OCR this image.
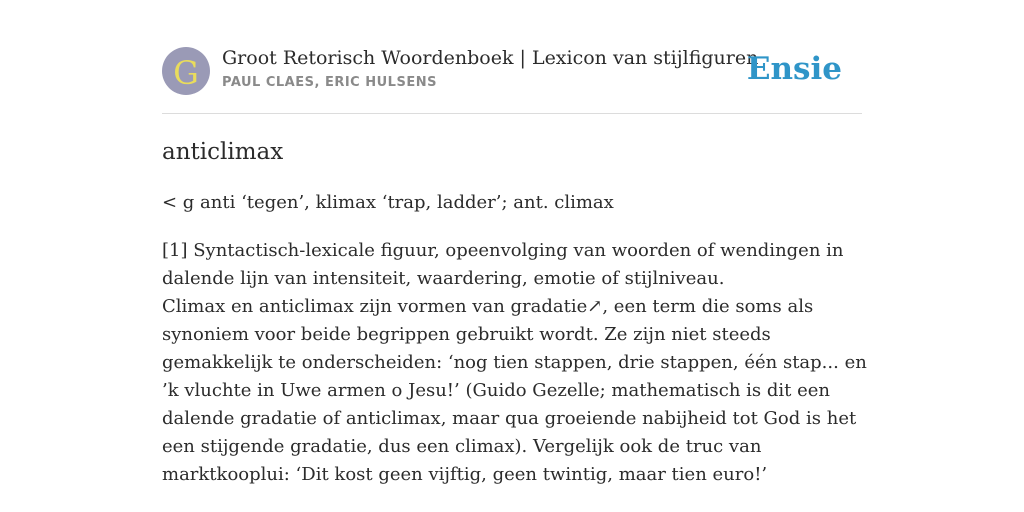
G Groot Retorisch Woordenboek | Lexicon van stijlfiguren
PAUL CLAES, ERIC HULSENS	Ensie
anticlimax
< g anti ‘tegen’, klimax ‘trap, ladder’; ant. climax

[1] Syntactisch-lexicale figuur, opeenvolging van woorden of wendingen in dalende lijn van intensiteit, waardering, emotie of stijlniveau.

Climax en anticlimax zijn vormen van gradatie↗, een term die soms als synoniem voor beide begrippen gebruikt wordt. Ze zijn niet steeds gemakkelijk te onderscheiden: ‘nog tien stappen, drie stappen, één stap... en ’k vluchte in Uwe armen o Jesu!’ (Guido Gezelle; mathematisch is dit een dalende gradatie of anticlimax, maar qua groeiende nabijheid tot God is het een stijgende gradatie, dus een climax). Vergelijk ook de truc van marktkooplui: ‘Dit kost geen vijftig, geen twintig, maar tien euro!’
